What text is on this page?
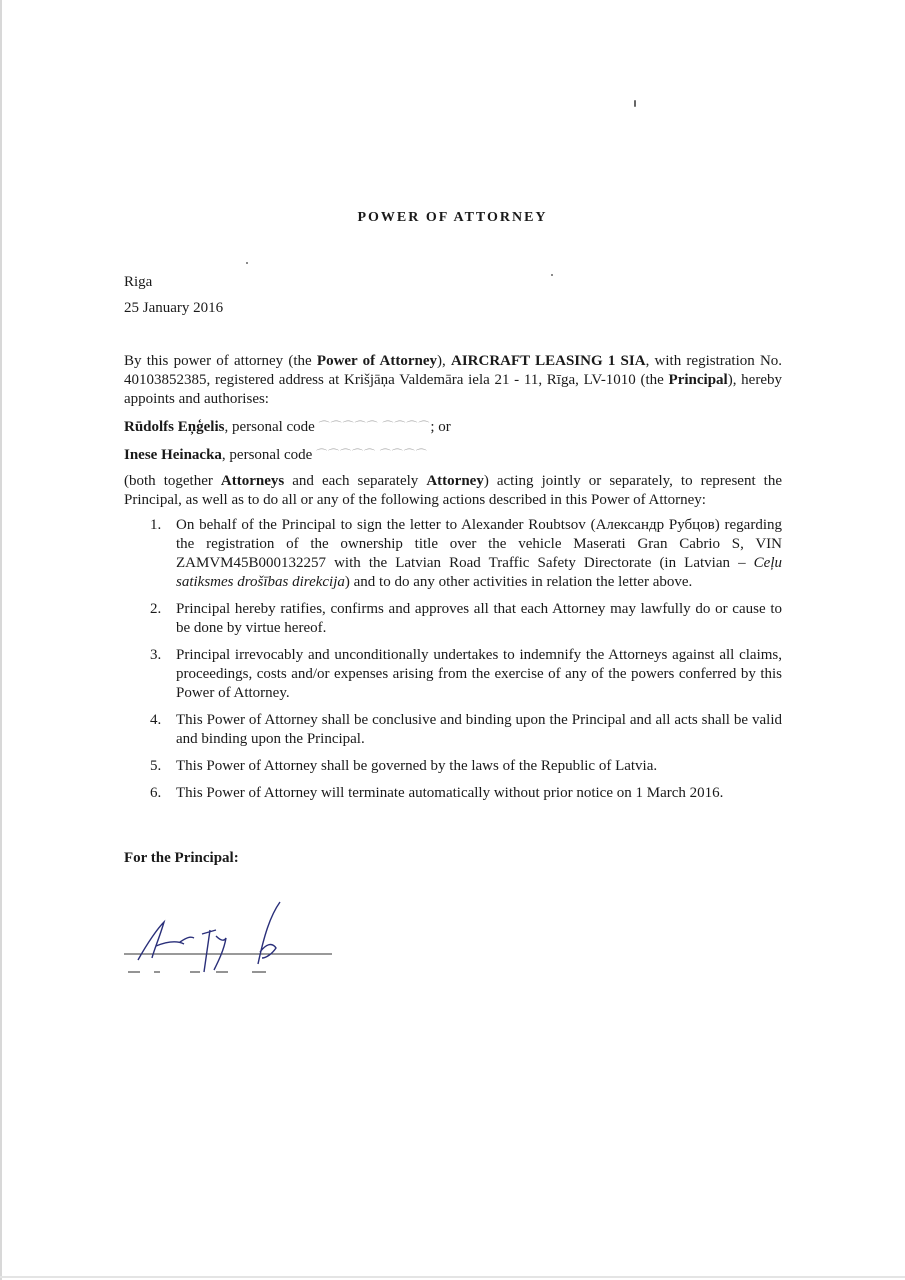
POWER OF ATTORNEY
Riga
25 January 2016
By this power of attorney (the Power of Attorney), AIRCRAFT LEASING 1 SIA, with registration No. 40103852385, registered address at Krišjāņa Valdemāra iela 21 - 11, Rīga, LV-1010 (the Principal), hereby appoints and authorises:
Rūdolfs Eņģelis, personal code ⌒⌒⌒⌒⌒ ⌒⌒⌒⌒; or
Inese Heinacka, personal code ⌒⌒⌒⌒⌒ ⌒⌒⌒⌒
(both together Attorneys and each separately Attorney) acting jointly or separately, to represent the Principal, as well as to do all or any of the following actions described in this Power of Attorney:
1. On behalf of the Principal to sign the letter to Alexander Roubtsov (Александр Рубцов) regarding the registration of the ownership title over the vehicle Maserati Gran Cabrio S, VIN ZAMVM45B000132257 with the Latvian Road Traffic Safety Directorate (in Latvian – Ceļu satiksmes drošības direkcija) and to do any other activities in relation the letter above.
2. Principal hereby ratifies, confirms and approves all that each Attorney may lawfully do or cause to be done by virtue hereof.
3. Principal irrevocably and unconditionally undertakes to indemnify the Attorneys against all claims, proceedings, costs and/or expenses arising from the exercise of any of the powers conferred by this Power of Attorney.
4. This Power of Attorney shall be conclusive and binding upon the Principal and all acts shall be valid and binding upon the Principal.
5. This Power of Attorney shall be governed by the laws of the Republic of Latvia.
6. This Power of Attorney will terminate automatically without prior notice on 1 March 2016.
For the Principal:
